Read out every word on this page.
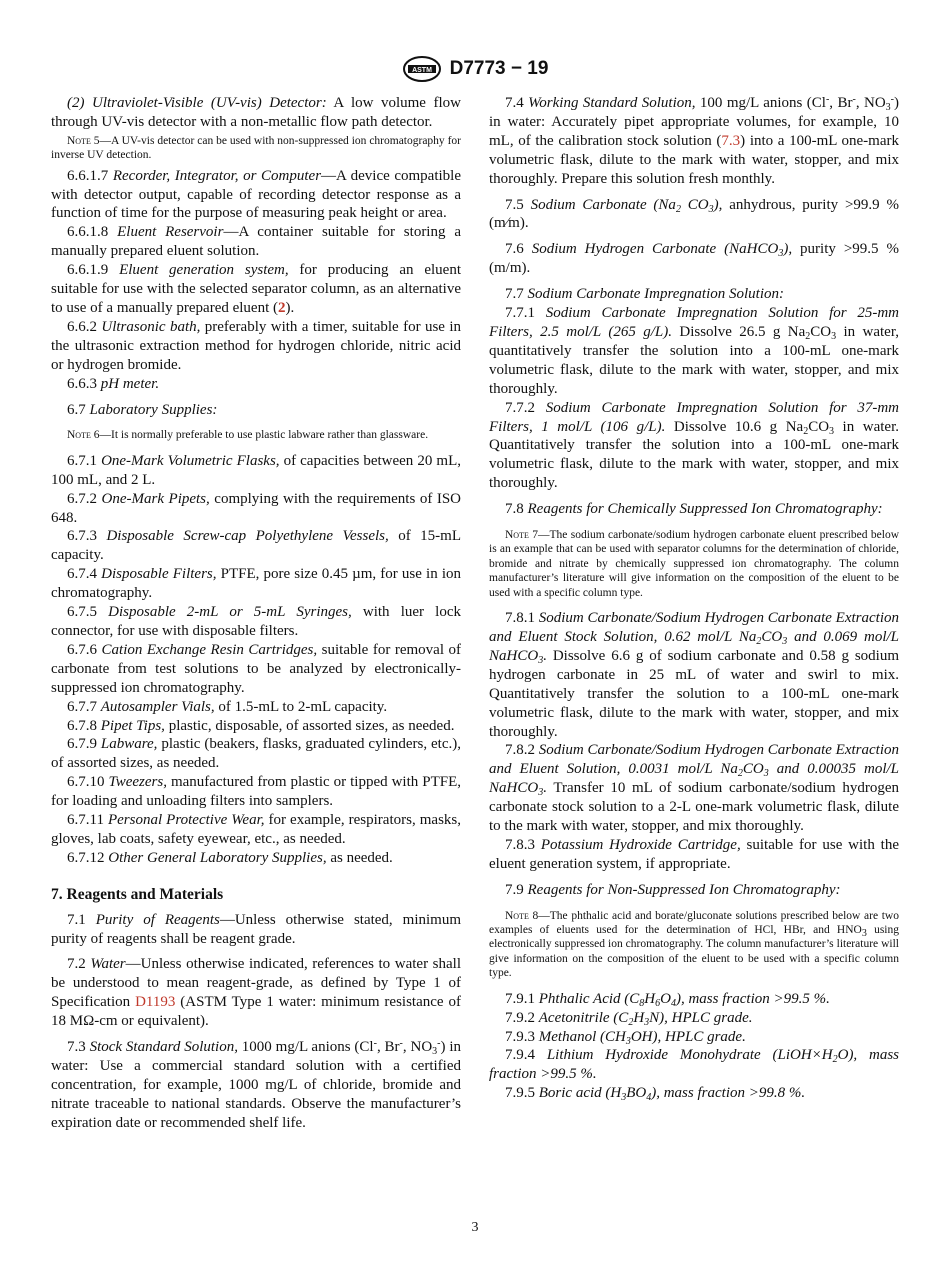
ASTM D7773 − 19

(2) Ultraviolet-Visible (UV-vis) Detector: A low volume flow through UV-vis detector with a non-metallic flow path detector.

Note 5—A UV-vis detector can be used with non-suppressed ion chromatography for inverse UV detection.

6.6.1.7 Recorder, Integrator, or Computer—A device compatible with detector output, capable of recording detector response as a function of time for the purpose of measuring peak height or area.

6.6.1.8 Eluent Reservoir—A container suitable for storing a manually prepared eluent solution.

6.6.1.9 Eluent generation system, for producing an eluent suitable for use with the selected separator column, as an alternative to use of a manually prepared eluent (2).

6.6.2 Ultrasonic bath, preferably with a timer, suitable for use in the ultrasonic extraction method for hydrogen chloride, nitric acid or hydrogen bromide.

6.6.3 pH meter.

6.7 Laboratory Supplies:

Note 6—It is normally preferable to use plastic labware rather than glassware.

6.7.1 One-Mark Volumetric Flasks, of capacities between 20 mL, 100 mL, and 2 L.

6.7.2 One-Mark Pipets, complying with the requirements of ISO 648.

6.7.3 Disposable Screw-cap Polyethylene Vessels, of 15-mL capacity.

6.7.4 Disposable Filters, PTFE, pore size 0.45 µm, for use in ion chromatography.

6.7.5 Disposable 2-mL or 5-mL Syringes, with luer lock connector, for use with disposable filters.

6.7.6 Cation Exchange Resin Cartridges, suitable for removal of carbonate from test solutions to be analyzed by electronically-suppressed ion chromatography.

6.7.7 Autosampler Vials, of 1.5-mL to 2-mL capacity.

6.7.8 Pipet Tips, plastic, disposable, of assorted sizes, as needed.

6.7.9 Labware, plastic (beakers, flasks, graduated cylinders, etc.), of assorted sizes, as needed.

6.7.10 Tweezers, manufactured from plastic or tipped with PTFE, for loading and unloading filters into samplers.

6.7.11 Personal Protective Wear, for example, respirators, masks, gloves, lab coats, safety eyewear, etc., as needed.

6.7.12 Other General Laboratory Supplies, as needed.

7. Reagents and Materials

7.1 Purity of Reagents—Unless otherwise stated, minimum purity of reagents shall be reagent grade.

7.2 Water—Unless otherwise indicated, references to water shall be understood to mean reagent-grade, as defined by Type 1 of Specification D1193 (ASTM Type 1 water: minimum resistance of 18 MΩ-cm or equivalent).

7.3 Stock Standard Solution, 1000 mg/L anions (Cl-, Br-, $NO_3^-$) in water: Use a commercial standard solution with a certified concentration, for example, 1000 mg/L of chloride, bromide and nitrate traceable to national standards. Observe the manufacturer’s expiration date or recommended shelf life.

7.4 Working Standard Solution, 100 mg/L anions (Cl-, Br-, $NO_3^-$) in water: Accurately pipet appropriate volumes, for example, 10 mL, of the calibration stock solution (7.3) into a 100-mL one-mark volumetric flask, dilute to the mark with water, stopper, and mix thoroughly. Prepare this solution fresh monthly.

7.5 Sodium Carbonate ($Na_2$ $CO_3$), anhydrous, purity >99.9 % (m⁄m).

7.6 Sodium Hydrogen Carbonate (NaHCO$_3$), purity >99.5 % (m/m).

7.7 Sodium Carbonate Impregnation Solution:

7.7.1 Sodium Carbonate Impregnation Solution for 25-mm Filters, 2.5 mol/L (265 g/L). Dissolve 26.5 g $Na_2CO_3$ in water, quantitatively transfer the solution into a 100-mL one-mark volumetric flask, dilute to the mark with water, stopper, and mix thoroughly.

7.7.2 Sodium Carbonate Impregnation Solution for 37-mm Filters, 1 mol/L (106 g/L). Dissolve 10.6 g $Na_2CO_3$ in water. Quantitatively transfer the solution into a 100-mL one-mark volumetric flask, dilute to the mark with water, stopper, and mix thoroughly.

7.8 Reagents for Chemically Suppressed Ion Chromatography:

Note 7—The sodium carbonate/sodium hydrogen carbonate eluent prescribed below is an example that can be used with separator columns for the determination of chloride, bromide and nitrate by chemically suppressed ion chromatography. The column manufacturer’s literature will give information on the composition of the eluent to be used with a specific column type.

7.8.1 Sodium Carbonate/Sodium Hydrogen Carbonate Extraction and Eluent Stock Solution, 0.62 mol/L $Na_2CO_3$ and 0.069 mol/L NaHCO$_3$. Dissolve 6.6 g of sodium carbonate and 0.58 g sodium hydrogen carbonate in 25 mL of water and swirl to mix. Quantitatively transfer the solution to a 100-mL one-mark volumetric flask, dilute to the mark with water, stopper, and mix thoroughly.

7.8.2 Sodium Carbonate/Sodium Hydrogen Carbonate Extraction and Eluent Solution, 0.0031 mol/L $Na_2CO_3$ and 0.00035 mol/L NaHCO$_3$. Transfer 10 mL of sodium carbonate/sodium hydrogen carbonate stock solution to a 2-L one-mark volumetric flask, dilute to the mark with water, stopper, and mix thoroughly.

7.8.3 Potassium Hydroxide Cartridge, suitable for use with the eluent generation system, if appropriate.

7.9 Reagents for Non-Suppressed Ion Chromatography:

Note 8—The phthalic acid and borate/gluconate solutions prescribed below are two examples of eluents used for the determination of HCl, HBr, and $HNO_3$ using electronically suppressed ion chromatography. The column manufacturer’s literature will give information on the composition of the eluent to be used with a specific column type.

7.9.1 Phthalic Acid $(C_8H_6O_4)$, mass fraction >99.5 %.

7.9.2 Acetonitrile $(C_2H_3N)$, HPLC grade.

7.9.3 Methanol $(CH_3OH)$, HPLC grade.

7.9.4 Lithium Hydroxide Monohydrate $(LiOH\times H_2O)$, mass fraction >99.5 %.

7.9.5 Boric acid $(H_3BO_4)$, mass fraction >99.8 %.

3
